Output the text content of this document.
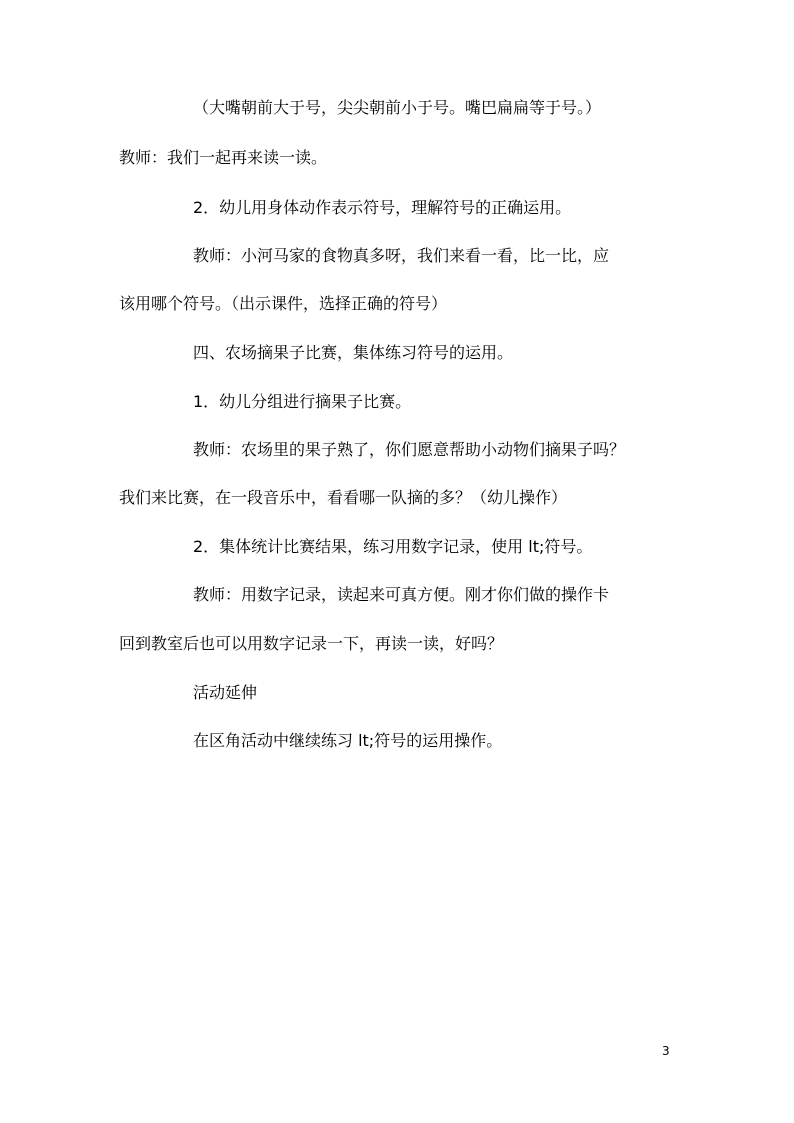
（大嘴朝前大于号，尖尖朝前小于号。嘴巴扁扁等于号。）
教师：我们一起再来读一读。
2．幼儿用身体动作表示符号，理解符号的正确运用。
教师：小河马家的食物真多呀，我们来看一看，比一比，应
该用哪个符号。（出示课件，选择正确的符号）
四、农场摘果子比赛，集体练习符号的运用。
1．幼儿分组进行摘果子比赛。
教师：农场里的果子熟了，你们愿意帮助小动物们摘果子吗？
我们来比赛，在一段音乐中，看看哪一队摘的多？（幼儿操作）
2．集体统计比赛结果，练习用数字记录，使用 lt;符号。
教师：用数字记录，读起来可真方便。刚才你们做的操作卡
回到教室后也可以用数字记录一下，再读一读，好吗？
活动延伸
在区角活动中继续练习 lt;符号的运用操作。
3
